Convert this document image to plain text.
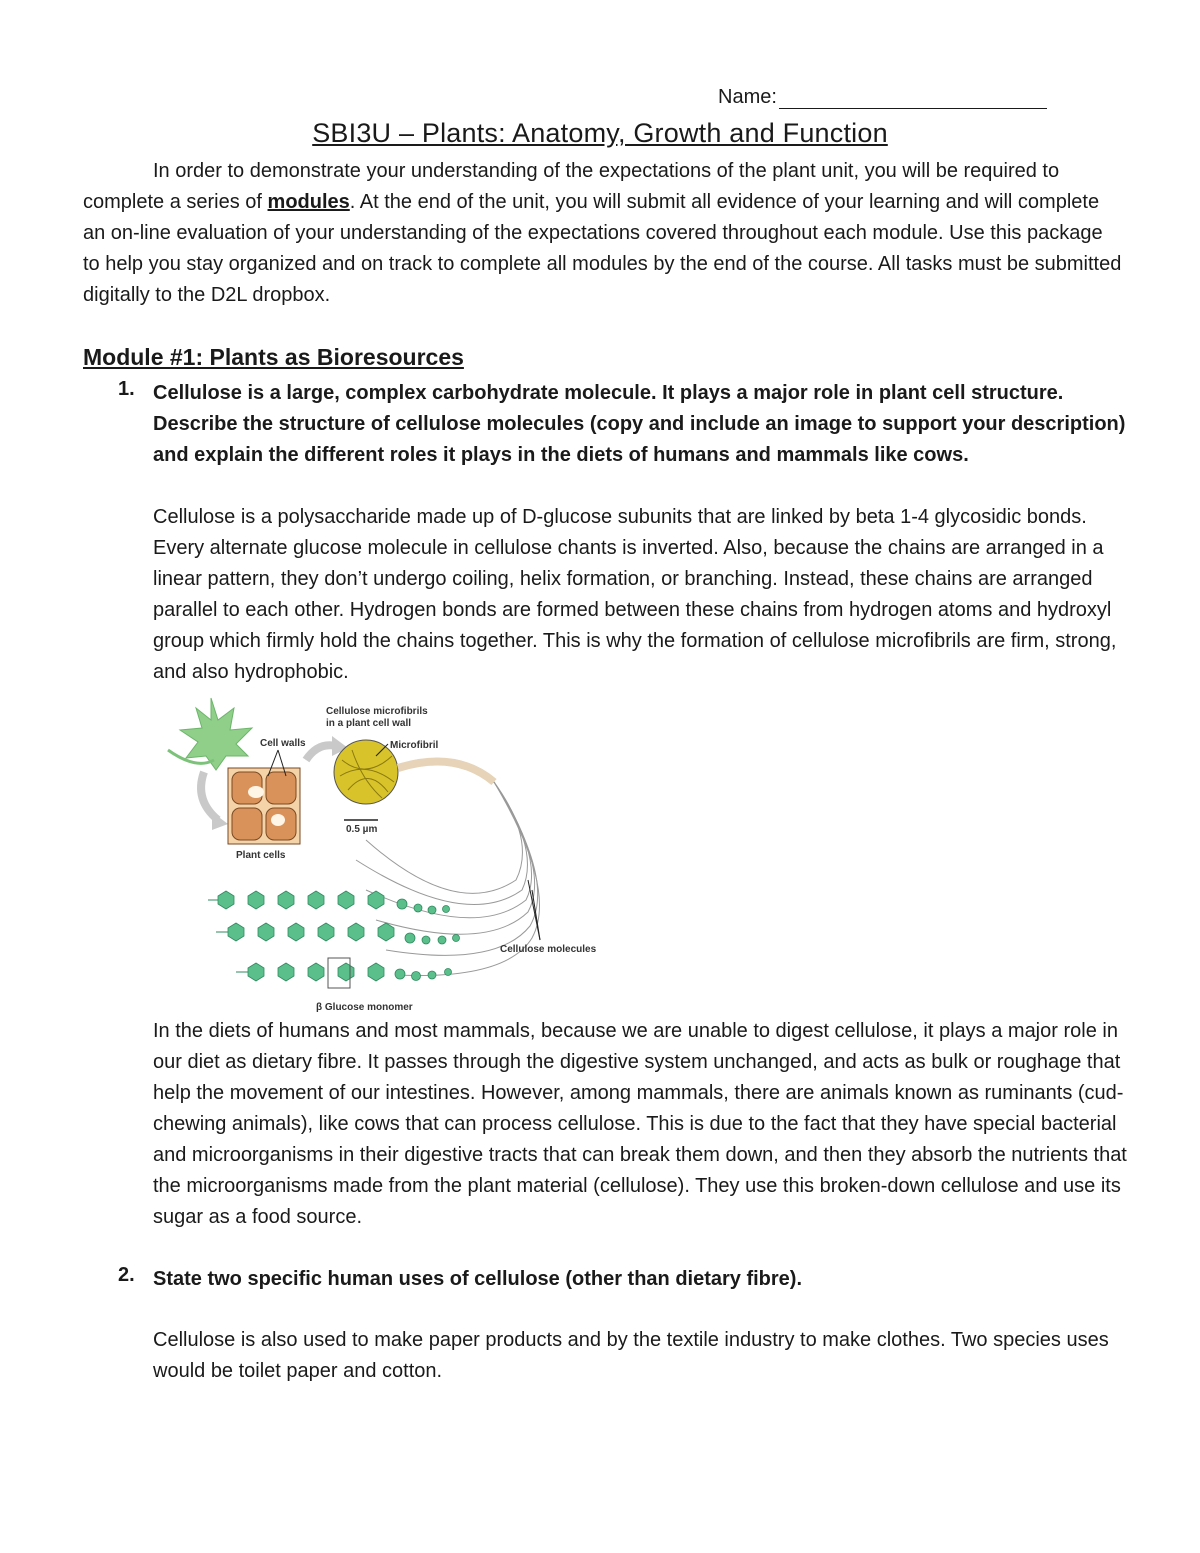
Name:
SBI3U – Plants: Anatomy, Growth and Function

In order to demonstrate your understanding of the expectations of the plant unit, you will be required to complete a series of modules. At the end of the unit, you will submit all evidence of your learning and will complete an on-line evaluation of your understanding of the expectations covered throughout each module. Use this package to help you stay organized and on track to complete all modules by the end of the course. All tasks must be submitted digitally to the D2L dropbox.

Module #1: Plants as Bioresources
1. Cellulose is a large, complex carbohydrate molecule. It plays a major role in plant cell structure. Describe the structure of cellulose molecules (copy and include an image to support your description) and explain the different roles it plays in the diets of humans and mammals like cows.

Cellulose is a polysaccharide made up of D-glucose subunits that are linked by beta 1-4 glycosidic bonds. Every alternate glucose molecule in cellulose chants is inverted. Also, because the chains are arranged in a linear pattern, they don’t undergo coiling, helix formation, or branching. Instead, these chains are arranged parallel to each other. Hydrogen bonds are formed between these chains from hydrogen atoms and hydroxyl group which firmly hold the chains together. This is why the formation of cellulose microfibrils are firm, strong, and also hydrophobic.

Cell walls
Plant cells
0.5 µm
Cellulose microfibrils
in a plant cell wall
Microfibril
Cellulose molecules
β Glucose monomer

In the diets of humans and most mammals, because we are unable to digest cellulose, it plays a major role in our diet as dietary fibre. It passes through the digestive system unchanged, and acts as bulk or roughage that help the movement of our intestines. However, among mammals, there are animals known as ruminants (cud-chewing animals), like cows that can process cellulose. This is due to the fact that they have special bacterial and microorganisms in their digestive tracts that can break them down, and then they absorb the nutrients that the microorganisms made from the plant material (cellulose). They use this broken-down cellulose and use its sugar as a food source.

2. State two specific human uses of cellulose (other than dietary fibre).

Cellulose is also used to make paper products and by the textile industry to make clothes. Two species uses would be toilet paper and cotton.
